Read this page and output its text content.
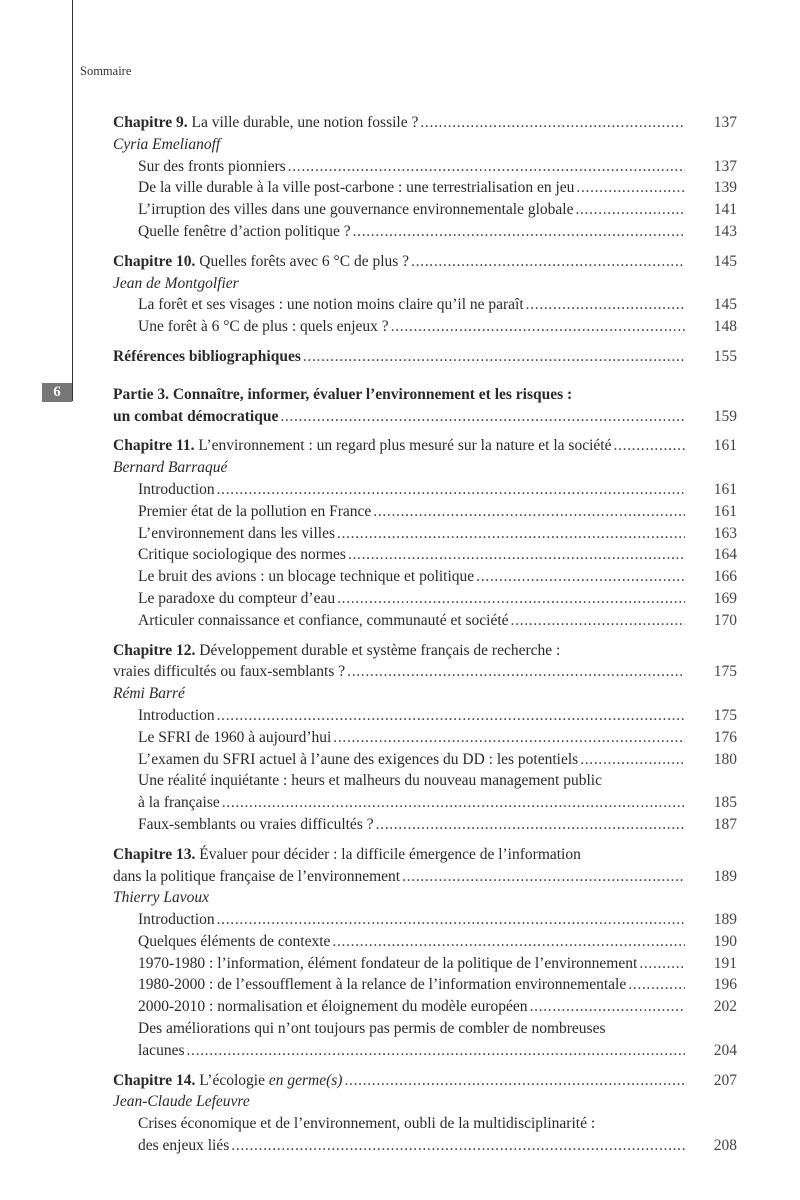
6
Sommaire
Chapitre 9. La ville durable, une notion fossile ? . . .	137
Cyria Emelianoff
Sur des fronts pionniers . . .	137
De la ville durable à la ville post-carbone : une terrestrialisation en jeu . . .	139
L’irruption des villes dans une gouvernance environnementale globale . . .	141
Quelle fenêtre d’action politique ? . . .	143
Chapitre 10. Quelles forêts avec 6 °C de plus ? . . .	145
Jean de Montgolfier
La forêt et ses visages : une notion moins claire qu’il ne paraît . . .	145
Une forêt à 6 °C de plus : quels enjeux ? . . .	148
Références bibliographiques . . .	155
Partie 3. Connaître, informer, évaluer l’environnement et les risques :
un combat démocratique . . .	159
Chapitre 11. L’environnement : un regard plus mesuré sur la nature et la société . . .	161
Bernard Barraqué
Introduction . . .	161
Premier état de la pollution en France . . .	161
L’environnement dans les villes . . .	163
Critique sociologique des normes . . .	164
Le bruit des avions : un blocage technique et politique . . .	166
Le paradoxe du compteur d’eau . . .	169
Articuler connaissance et confiance, communauté et société . . .	170
Chapitre 12. Développement durable et système français de recherche :
vraies difficultés ou faux-semblants ? . . .	175
Rémi Barré
Introduction . . .	175
Le SFRI de 1960 à aujourd’hui . . .	176
L’examen du SFRI actuel à l’aune des exigences du DD : les potentiels . . .	180
Une réalité inquiétante : heurs et malheurs du nouveau management public
à la française . . .	185
Faux-semblants ou vraies difficultés ? . . .	187
Chapitre 13. Évaluer pour décider : la difficile émergence de l’information
dans la politique française de l’environnement . . .	189
Thierry Lavoux
Introduction . . .	189
Quelques éléments de contexte . . .	190
1970-1980 : l’information, élément fondateur de la politique de l’environnement . . .	191
1980-2000 : de l’essoufflement à la relance de l’information environnementale . . .	196
2000-2010 : normalisation et éloignement du modèle européen . . .	202
Des améliorations qui n’ont toujours pas permis de combler de nombreuses
lacunes . . .	204
Chapitre 14. L’écologie en germe(s) . . .	207
Jean-Claude Lefeuvre
Crises économique et de l’environnement, oubli de la multidisciplinarité :
des enjeux liés . . .	208
